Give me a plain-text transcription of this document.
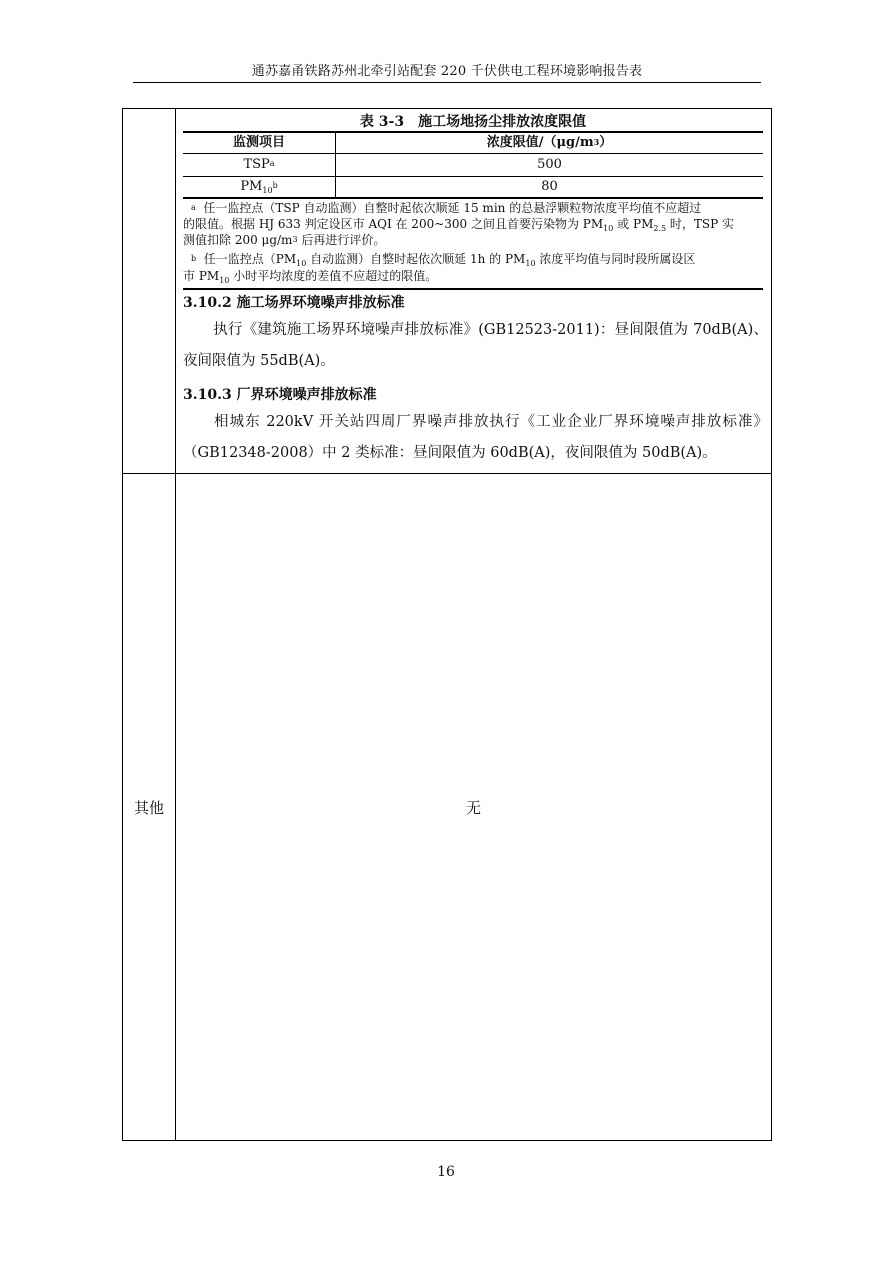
通苏嘉甬铁路苏州北牵引站配套 220 千伏供电工程环境影响报告表
表 3-3 施工场地扬尘排放浓度限值
监测项目	浓度限值$/(\mu g/m^3)$
TSP$^a$	500
$PM_{10}^b$	80
$^a$ 任一监控点（TSP 自动监测）自整时起依次顺延 15 min 的总悬浮颗粒物浓度平均值不应超过
的限值。根据 HJ 633 判定设区市 AQI 在 200~300 之间且首要污染物为 $PM_{10}$ 或 $PM_{2.5}$ 时，TSP 实
测值扣除 200 $\mu g/m^3$ 后再进行评价。
$^b$ 任一监控点（$PM_{10}$ 自动监测）自整时起依次顺延 1h 的 $PM_{10}$ 浓度平均值与同时段所属设区
市 $PM_{10}$ 小时平均浓度的差值不应超过的限值。
3.10.2 施工场界环境噪声排放标准
执行《建筑施工场界环境噪声排放标准》(GB12523-2011)：昼间限值为 70dB(A)、夜间限值为 55dB(A)。
3.10.3 厂界环境噪声排放标准
相城东 220kV 开关站四周厂界噪声排放执行《工业企业厂界环境噪声排放标准》（GB12348-2008）中 2 类标准：昼间限值为 60dB(A)，夜间限值为 50dB(A)。
其他	无
16
